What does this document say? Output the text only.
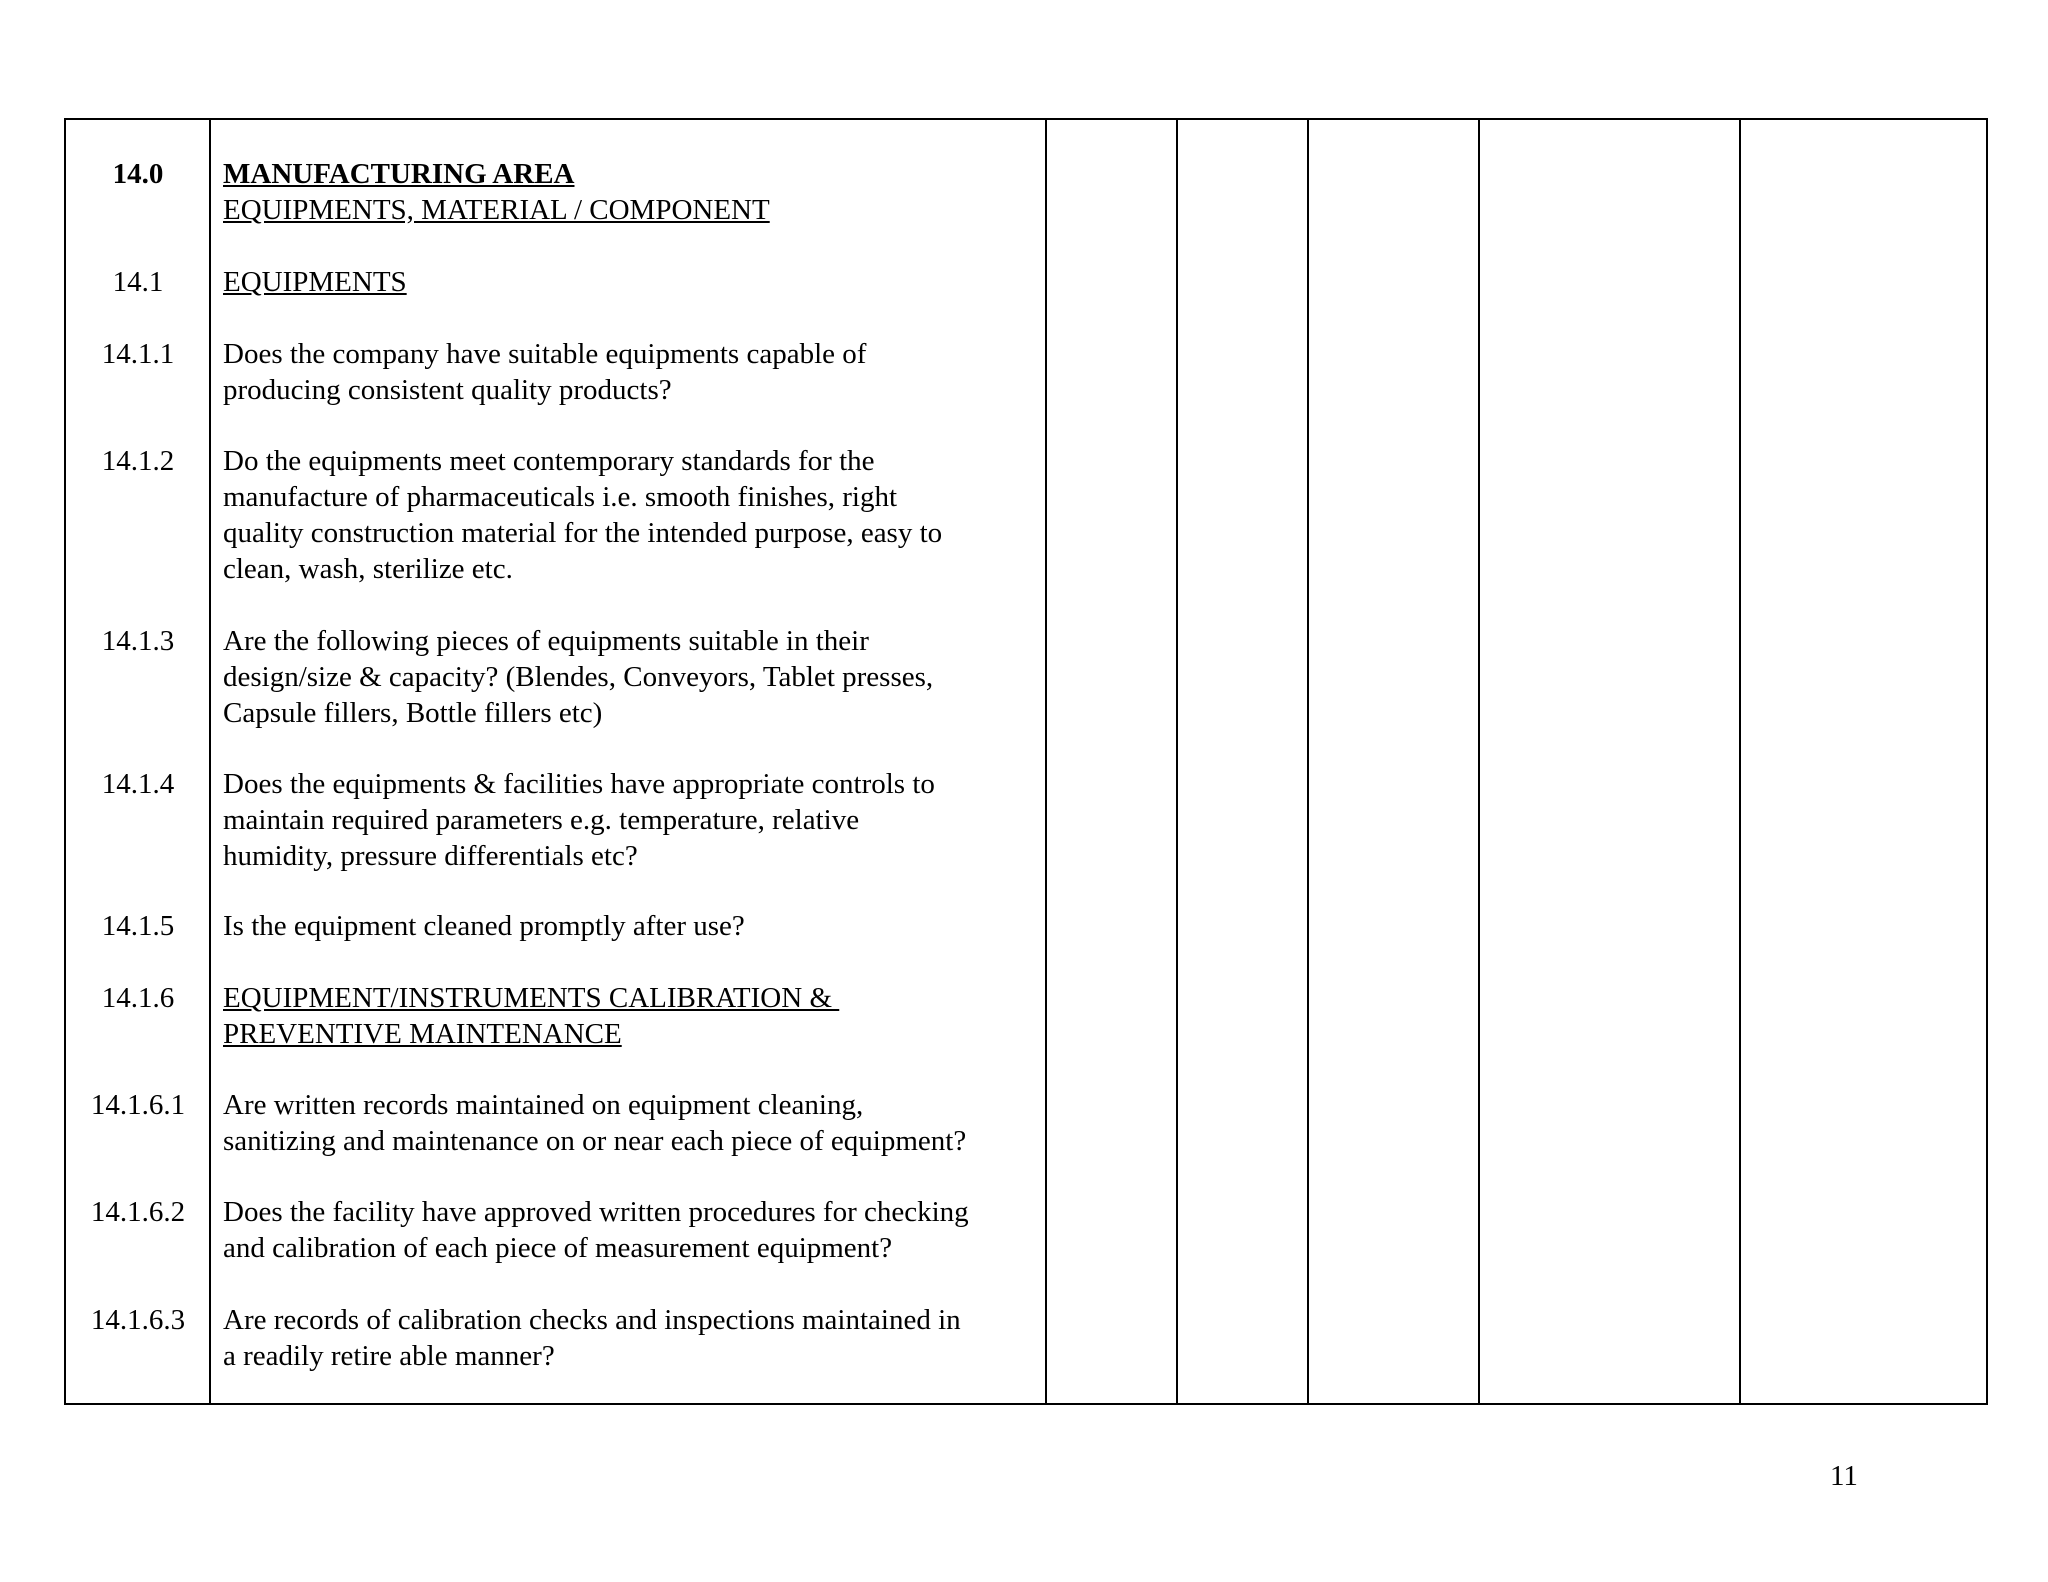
14.0	MANUFACTURING AREA
EQUIPMENTS, MATERIAL / COMPONENT
14.1	EQUIPMENTS
14.1.1	Does the company have suitable equipments capable of
producing consistent quality products?
14.1.2	Do the equipments meet contemporary standards for the
manufacture of pharmaceuticals i.e. smooth finishes, right
quality construction material for the intended purpose, easy to
clean, wash, sterilize etc.
14.1.3	Are the following pieces of equipments suitable in their
design/size & capacity? (Blendes, Conveyors, Tablet presses,
Capsule fillers, Bottle fillers etc)
14.1.4	Does the equipments & facilities have appropriate controls to
maintain required parameters e.g. temperature, relative
humidity, pressure differentials etc?
14.1.5	Is the equipment cleaned promptly after use?
14.1.6	EQUIPMENT/INSTRUMENTS CALIBRATION &
PREVENTIVE MAINTENANCE
14.1.6.1	Are written records maintained on equipment cleaning,
sanitizing and maintenance on or near each piece of equipment?
14.1.6.2	Does the facility have approved written procedures for checking
and calibration of each piece of measurement equipment?
14.1.6.3	Are records of calibration checks and inspections maintained in
a readily retire able manner?
11
